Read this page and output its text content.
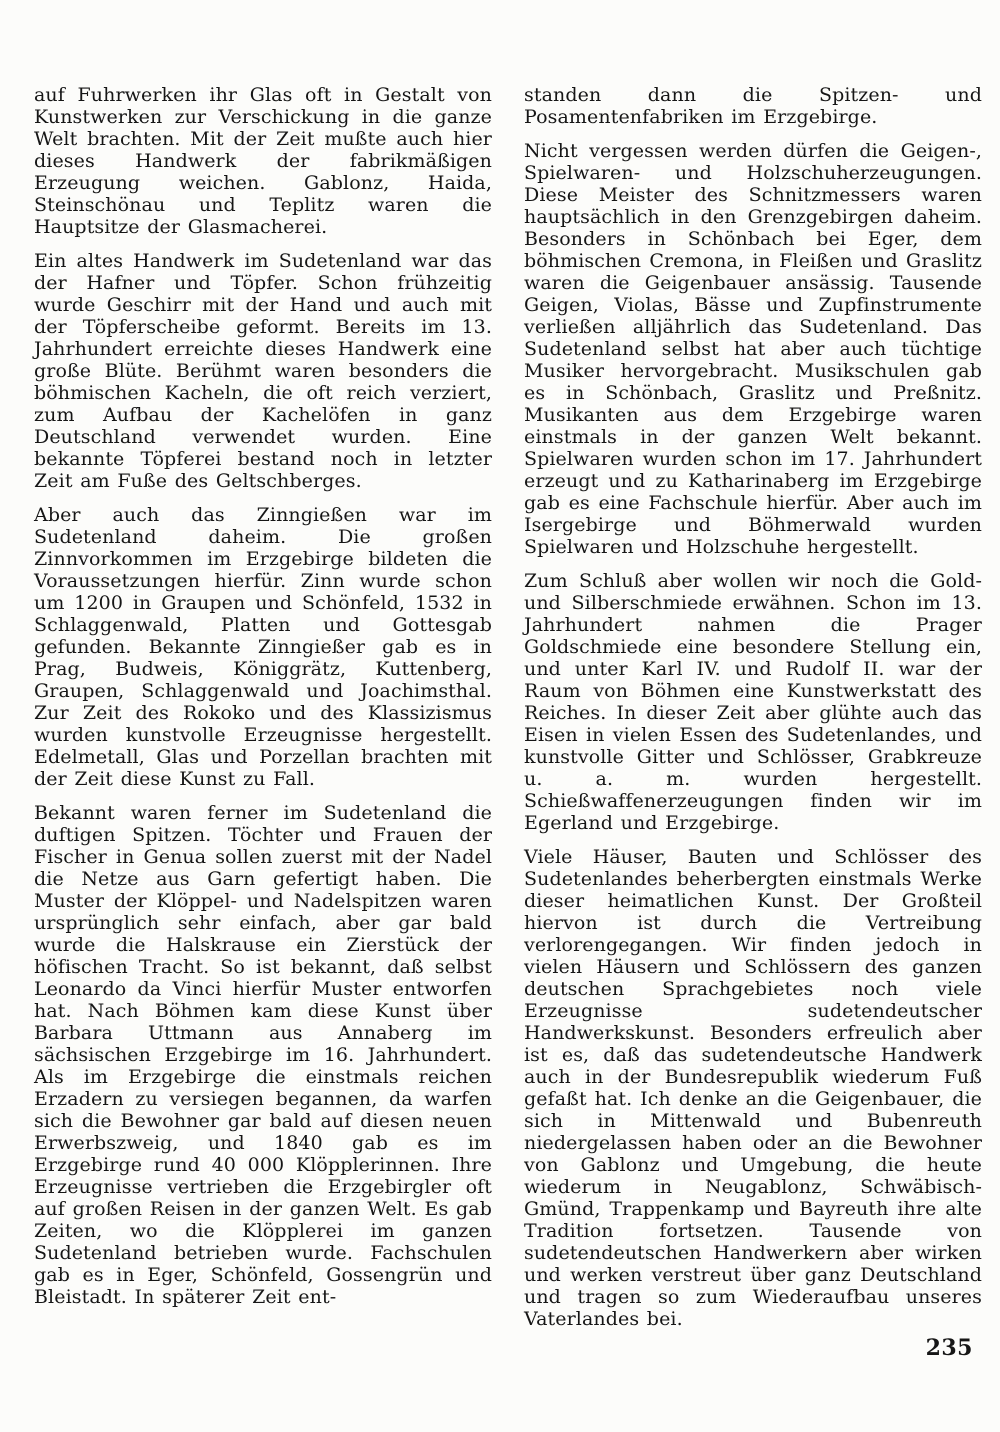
auf Fuhrwerken ihr Glas oft in Gestalt von Kunstwerken zur Verschickung in die ganze Welt brachten. Mit der Zeit mußte auch hier dieses Handwerk der fabrikmäßigen Erzeugung weichen. Gablonz, Haida, Steinschönau und Teplitz waren die Hauptsitze der Glasmacherei.

Ein altes Handwerk im Sudetenland war das der Hafner und Töpfer. Schon frühzeitig wurde Geschirr mit der Hand und auch mit der Töpferscheibe geformt. Bereits im 13. Jahrhundert erreichte dieses Handwerk eine große Blüte. Berühmt waren besonders die böhmischen Kacheln, die oft reich verziert, zum Aufbau der Kachelöfen in ganz Deutschland verwendet wurden. Eine bekannte Töpferei bestand noch in letzter Zeit am Fuße des Geltschberges.

Aber auch das Zinngießen war im Sudetenland daheim. Die großen Zinnvorkommen im Erzgebirge bildeten die Voraussetzungen hierfür. Zinn wurde schon um 1200 in Graupen und Schönfeld, 1532 in Schlaggenwald, Platten und Gottesgab gefunden. Bekannte Zinngießer gab es in Prag, Budweis, Königgrätz, Kuttenberg, Graupen, Schlaggenwald und Joachimsthal. Zur Zeit des Rokoko und des Klassizismus wurden kunstvolle Erzeugnisse hergestellt. Edelmetall, Glas und Porzellan brachten mit der Zeit diese Kunst zu Fall.

Bekannt waren ferner im Sudetenland die duftigen Spitzen. Töchter und Frauen der Fischer in Genua sollen zuerst mit der Nadel die Netze aus Garn gefertigt haben. Die Muster der Klöppel- und Nadelspitzen waren ursprünglich sehr einfach, aber gar bald wurde die Halskrause ein Zierstück der höfischen Tracht. So ist bekannt, daß selbst Leonardo da Vinci hierfür Muster entworfen hat. Nach Böhmen kam diese Kunst über Barbara Uttmann aus Annaberg im sächsischen Erzgebirge im 16. Jahrhundert. Als im Erzgebirge die einstmals reichen Erzadern zu versiegen begannen, da warfen sich die Bewohner gar bald auf diesen neuen Erwerbszweig, und 1840 gab es im Erzgebirge rund 40 000 Klöpplerinnen. Ihre Erzeugnisse vertrieben die Erzgebirgler oft auf großen Reisen in der ganzen Welt. Es gab Zeiten, wo die Klöpplerei im ganzen Sudetenland betrieben wurde. Fachschulen gab es in Eger, Schönfeld, Gossengrün und Bleistadt. In späterer Zeit ent-

standen dann die Spitzen- und Posamentenfabriken im Erzgebirge.

Nicht vergessen werden dürfen die Geigen-, Spielwaren- und Holzschuherzeugungen. Diese Meister des Schnitzmessers waren hauptsächlich in den Grenzgebirgen daheim. Besonders in Schönbach bei Eger, dem böhmischen Cremona, in Fleißen und Graslitz waren die Geigenbauer ansässig. Tausende Geigen, Violas, Bässe und Zupfinstrumente verließen alljährlich das Sudetenland. Das Sudetenland selbst hat aber auch tüchtige Musiker hervorgebracht. Musikschulen gab es in Schönbach, Graslitz und Preßnitz. Musikanten aus dem Erzgebirge waren einstmals in der ganzen Welt bekannt. Spielwaren wurden schon im 17. Jahrhundert erzeugt und zu Katharinaberg im Erzgebirge gab es eine Fachschule hierfür. Aber auch im Isergebirge und Böhmerwald wurden Spielwaren und Holzschuhe hergestellt.

Zum Schluß aber wollen wir noch die Gold- und Silberschmiede erwähnen. Schon im 13. Jahrhundert nahmen die Prager Goldschmiede eine besondere Stellung ein, und unter Karl IV. und Rudolf II. war der Raum von Böhmen eine Kunstwerkstatt des Reiches. In dieser Zeit aber glühte auch das Eisen in vielen Essen des Sudetenlandes, und kunstvolle Gitter und Schlösser, Grabkreuze u. a. m. wurden hergestellt. Schießwaffenerzeugungen finden wir im Egerland und Erzgebirge.

Viele Häuser, Bauten und Schlösser des Sudetenlandes beherbergten einstmals Werke dieser heimatlichen Kunst. Der Großteil hiervon ist durch die Vertreibung verlorengegangen. Wir finden jedoch in vielen Häusern und Schlössern des ganzen deutschen Sprachgebietes noch viele Erzeugnisse sudetendeutscher Handwerkskunst. Besonders erfreulich aber ist es, daß das sudetendeutsche Handwerk auch in der Bundesrepublik wiederum Fuß gefaßt hat. Ich denke an die Geigenbauer, die sich in Mittenwald und Bubenreuth niedergelassen haben oder an die Bewohner von Gablonz und Umgebung, die heute wiederum in Neugablonz, Schwäbisch-Gmünd, Trappenkamp und Bayreuth ihre alte Tradition fortsetzen. Tausende von sudetendeutschen Handwerkern aber wirken und werken verstreut über ganz Deutschland und tragen so zum Wiederaufbau unseres Vaterlandes bei.

235
